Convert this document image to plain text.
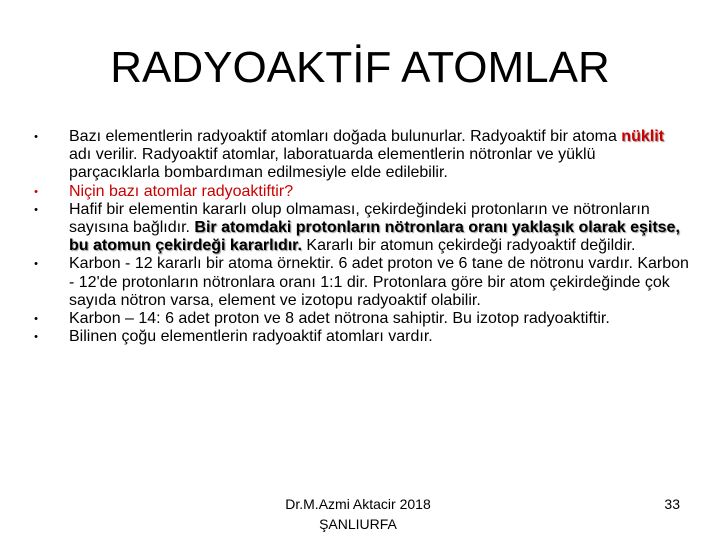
RADYOAKTİF ATOMLAR
• Bazı elementlerin radyoaktif atomları doğada bulunurlar. Radyoaktif bir atoma nüklit adı verilir. Radyoaktif atomlar, laboratuarda elementlerin nötronlar ve yüklü parçacıklarla bombardıman edilmesiyle elde edilebilir.
• Niçin bazı atomlar radyoaktiftir?
• Hafif bir elementin kararlı olup olmaması, çekirdeğindeki protonların ve nötronların sayısına bağlıdır. Bir atomdaki protonların nötronlara oranı yaklaşık olarak eşitse, bu atomun çekirdeği kararlıdır. Kararlı bir atomun çekirdeği radyoaktif değildir.
• Karbon - 12 kararlı bir atoma örnektir. 6 adet proton ve 6 tane de nötronu vardır. Karbon - 12'de protonların nötronlara oranı 1:1 dir. Protonlara göre bir atom çekirdeğinde çok sayıda nötron varsa, element ve izotopu radyoaktif olabilir.
• Karbon – 14: 6 adet proton ve 8 adet nötrona sahiptir. Bu izotop radyoaktiftir.
• Bilinen çoğu elementlerin radyoaktif atomları vardır.
Dr.M.Azmi Aktacir 2018
ŞANLIURFA
33
